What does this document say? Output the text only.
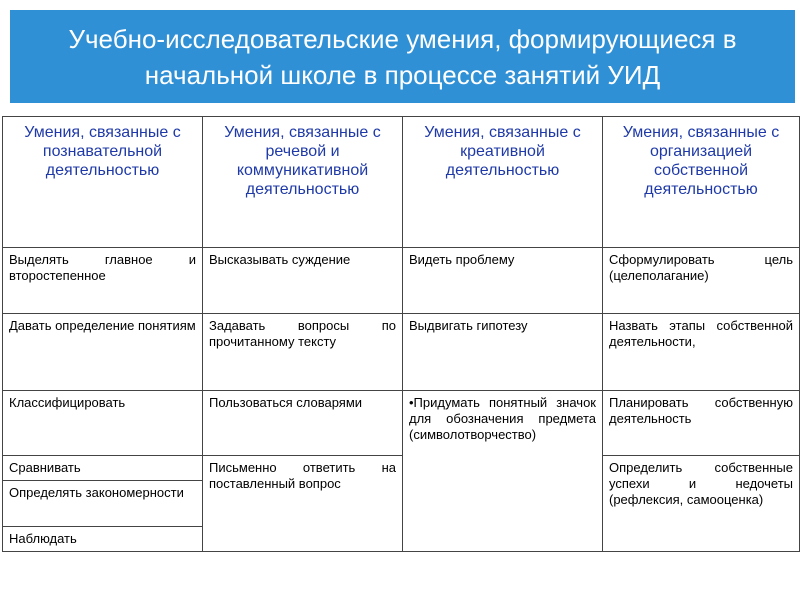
Учебно-исследовательские умения, формирующиеся в начальной школе в процессе занятий УИД
Умения, связанные с познавательной деятельностью	Умения, связанные с речевой и коммуникативной деятельностью	Умения, связанные с креативной деятельностью	Умения, связанные с организацией собственной деятельностью
Выделять главное и второстепенное	Высказывать суждение	Видеть проблему	Сформулировать цель (целеполагание)
Давать определение понятиям	Задавать вопросы по прочитанному тексту	Выдвигать гипотезу	Назвать этапы собственной деятельности,
Классифицировать	Пользоваться словарями	•Придумать понятный значок для обозначения предмета (символотворчество)	Планировать собственную деятельность
Сравнивать	Письменно ответить на поставленный вопрос		Определить собственные успехи и недочеты (рефлексия, самооценка)
Определять закономерности			
Наблюдать			
